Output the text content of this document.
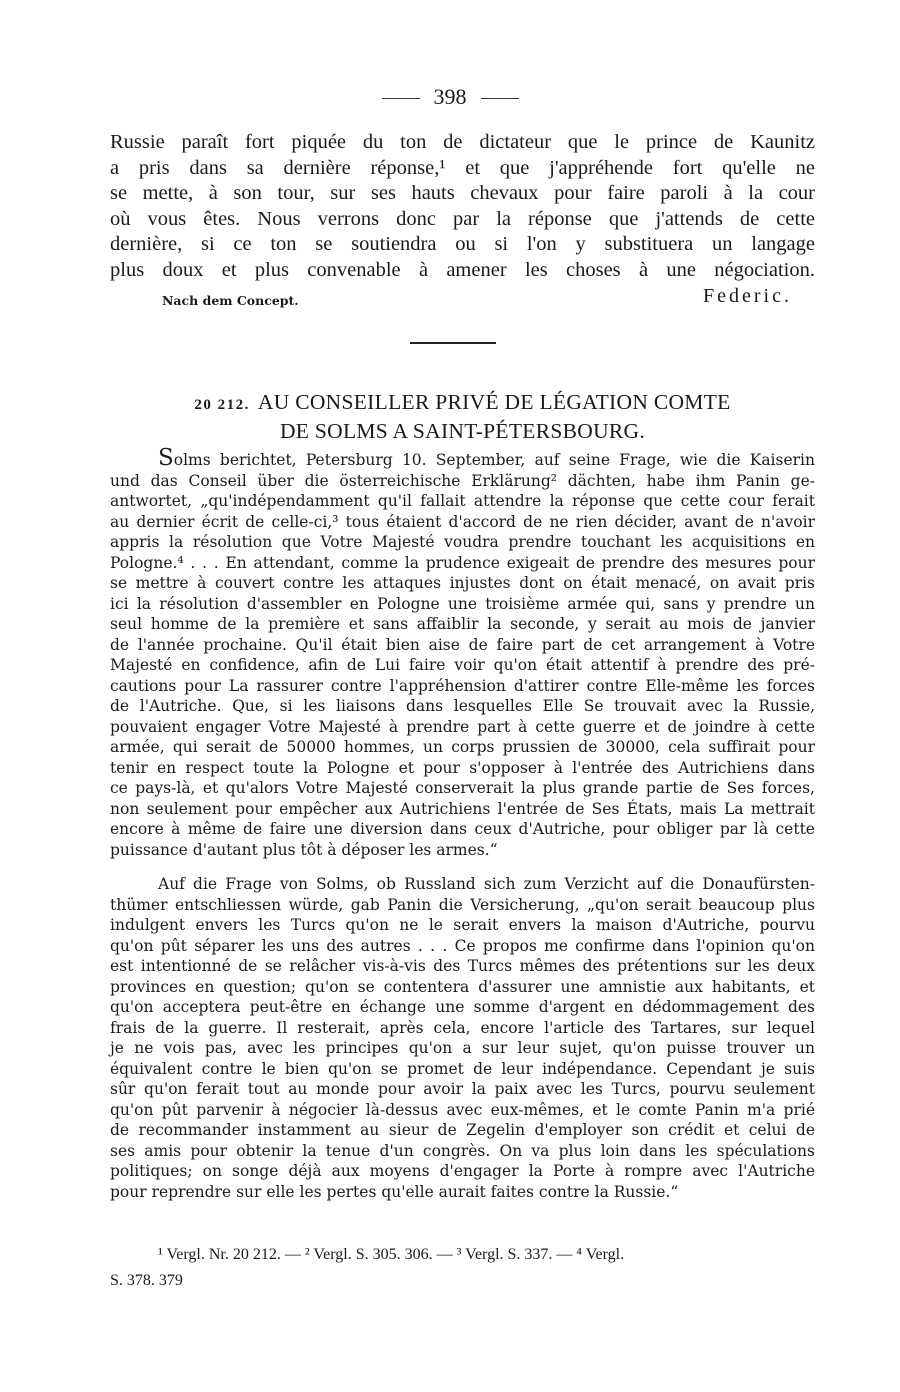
398
Russie paraît fort piquée du ton de dictateur que le prince de Kaunitz
a pris dans sa dernière réponse,¹ et que j'appréhende fort qu'elle ne
se mette, à son tour, sur ses hauts chevaux pour faire paroli à la cour
où vous êtes. Nous verrons donc par la réponse que j'attends de cette
dernière, si ce ton se soutiendra ou si l'on y substituera un langage
plus doux et plus convenable à amener les choses à une négociation.
Nach dem Concept.	Federic.
20 212. AU CONSEILLER PRIVÉ DE LÉGATION COMTE
DE SOLMS A SAINT-PÉTERSBOURG.
Solms berichtet, Petersburg 10. September, auf seine Frage, wie die Kaiserin
und das Conseil über die österreichische Erklärung² dächten, habe ihm Panin ge-
antwortet, „qu'indépendamment qu'il fallait attendre la réponse que cette cour ferait
au dernier écrit de celle-ci,³ tous étaient d'accord de ne rien décider, avant de n'avoir
appris la résolution que Votre Majesté voudra prendre touchant les acquisitions en
Pologne.⁴ . . . En attendant, comme la prudence exigeait de prendre des mesures pour
se mettre à couvert contre les attaques injustes dont on était menacé, on avait pris
ici la résolution d'assembler en Pologne une troisième armée qui, sans y prendre un
seul homme de la première et sans affaiblir la seconde, y serait au mois de janvier
de l'année prochaine. Qu'il était bien aise de faire part de cet arrangement à Votre
Majesté en confidence, afin de Lui faire voir qu'on était attentif à prendre des pré-
cautions pour La rassurer contre l'appréhension d'attirer contre Elle-même les forces
de l'Autriche. Que, si les liaisons dans lesquelles Elle Se trouvait avec la Russie,
pouvaient engager Votre Majesté à prendre part à cette guerre et de joindre à cette
armée, qui serait de 50000 hommes, un corps prussien de 30000, cela suffirait pour
tenir en respect toute la Pologne et pour s'opposer à l'entrée des Autrichiens dans
ce pays-là, et qu'alors Votre Majesté conserverait la plus grande partie de Ses forces,
non seulement pour empêcher aux Autrichiens l'entrée de Ses États, mais La mettrait
encore à même de faire une diversion dans ceux d'Autriche, pour obliger par là cette
puissance d'autant plus tôt à déposer les armes.“
Auf die Frage von Solms, ob Russland sich zum Verzicht auf die Donaufürsten-
thümer entschliessen würde, gab Panin die Versicherung, „qu'on serait beaucoup plus
indulgent envers les Turcs qu'on ne le serait envers la maison d'Autriche, pourvu
qu'on pût séparer les uns des autres . . . Ce propos me confirme dans l'opinion qu'on
est intentionné de se relâcher vis-à-vis des Turcs mêmes des prétentions sur les deux
provinces en question; qu'on se contentera d'assurer une amnistie aux habitants, et
qu'on acceptera peut-être en échange une somme d'argent en dédommagement des
frais de la guerre. Il resterait, après cela, encore l'article des Tartares, sur lequel
je ne vois pas, avec les principes qu'on a sur leur sujet, qu'on puisse trouver un
équivalent contre le bien qu'on se promet de leur indépendance. Cependant je suis
sûr qu'on ferait tout au monde pour avoir la paix avec les Turcs, pourvu seulement
qu'on pût parvenir à négocier là-dessus avec eux-mêmes, et le comte Panin m'a prié
de recommander instamment au sieur de Zegelin d'employer son crédit et celui de
ses amis pour obtenir la tenue d'un congrès. On va plus loin dans les spéculations
politiques; on songe déjà aux moyens d'engager la Porte à rompre avec l'Autriche
pour reprendre sur elle les pertes qu'elle aurait faites contre la Russie.“
¹ Vergl. Nr. 20 212. — ² Vergl. S. 305. 306. — ³ Vergl. S. 337. — ⁴ Vergl.
S. 378. 379
